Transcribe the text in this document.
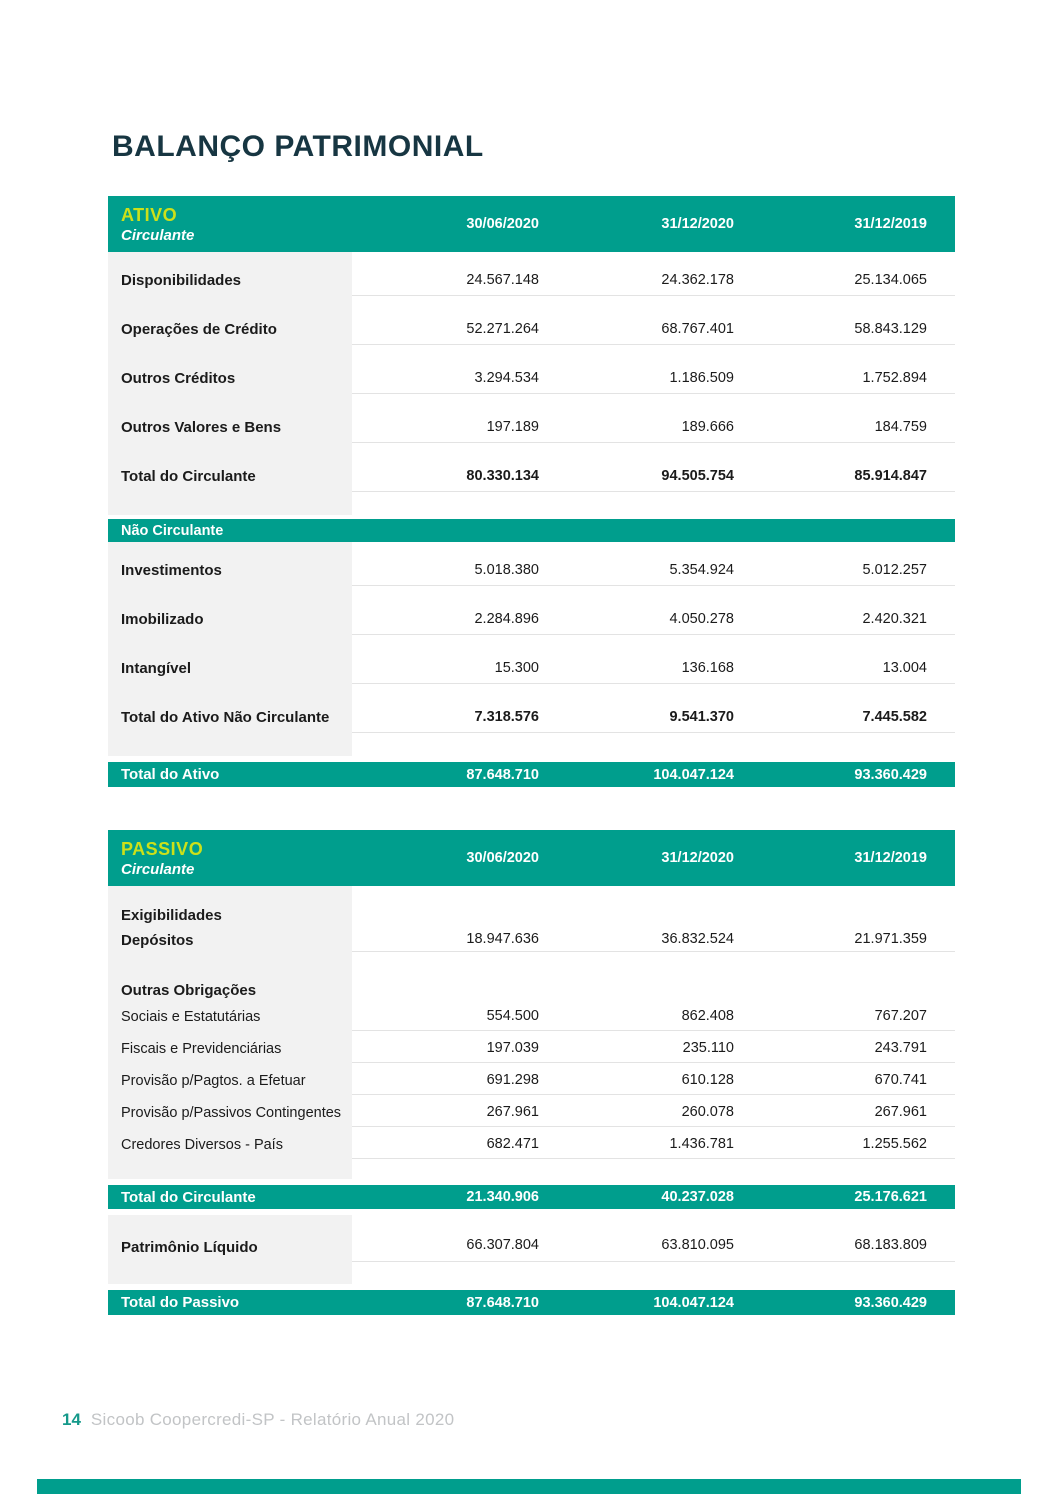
BALANÇO PATRIMONIAL
ATIVO
Circulante
30/06/2020	31/12/2020	31/12/2019
Disponibilidades	24.567.148	24.362.178	25.134.065
Operações de Crédito	52.271.264	68.767.401	58.843.129
Outros Créditos	3.294.534	1.186.509	1.752.894
Outros Valores e Bens	197.189	189.666	184.759
Total do Circulante	80.330.134	94.505.754	85.914.847
Não Circulante
Investimentos	5.018.380	5.354.924	5.012.257
Imobilizado	2.284.896	4.050.278	2.420.321
Intangível	15.300	136.168	13.004
Total do Ativo Não Circulante	7.318.576	9.541.370	7.445.582
Total do Ativo	87.648.710	104.047.124	93.360.429
PASSIVO
Circulante
30/06/2020	31/12/2020	31/12/2019
Exigibilidades
Depósitos	18.947.636	36.832.524	21.971.359
Outras Obrigações
Sociais e Estatutárias	554.500	862.408	767.207
Fiscais e Previdenciárias	197.039	235.110	243.791
Provisão p/Pagtos. a Efetuar	691.298	610.128	670.741
Provisão p/Passivos Contingentes	267.961	260.078	267.961
Credores Diversos - País	682.471	1.436.781	1.255.562
Total do Circulante	21.340.906	40.237.028	25.176.621
Patrimônio Líquido	66.307.804	63.810.095	68.183.809
Total do Passivo	87.648.710	104.047.124	93.360.429
14 Sicoob Coopercredi-SP - Relatório Anual 2020
